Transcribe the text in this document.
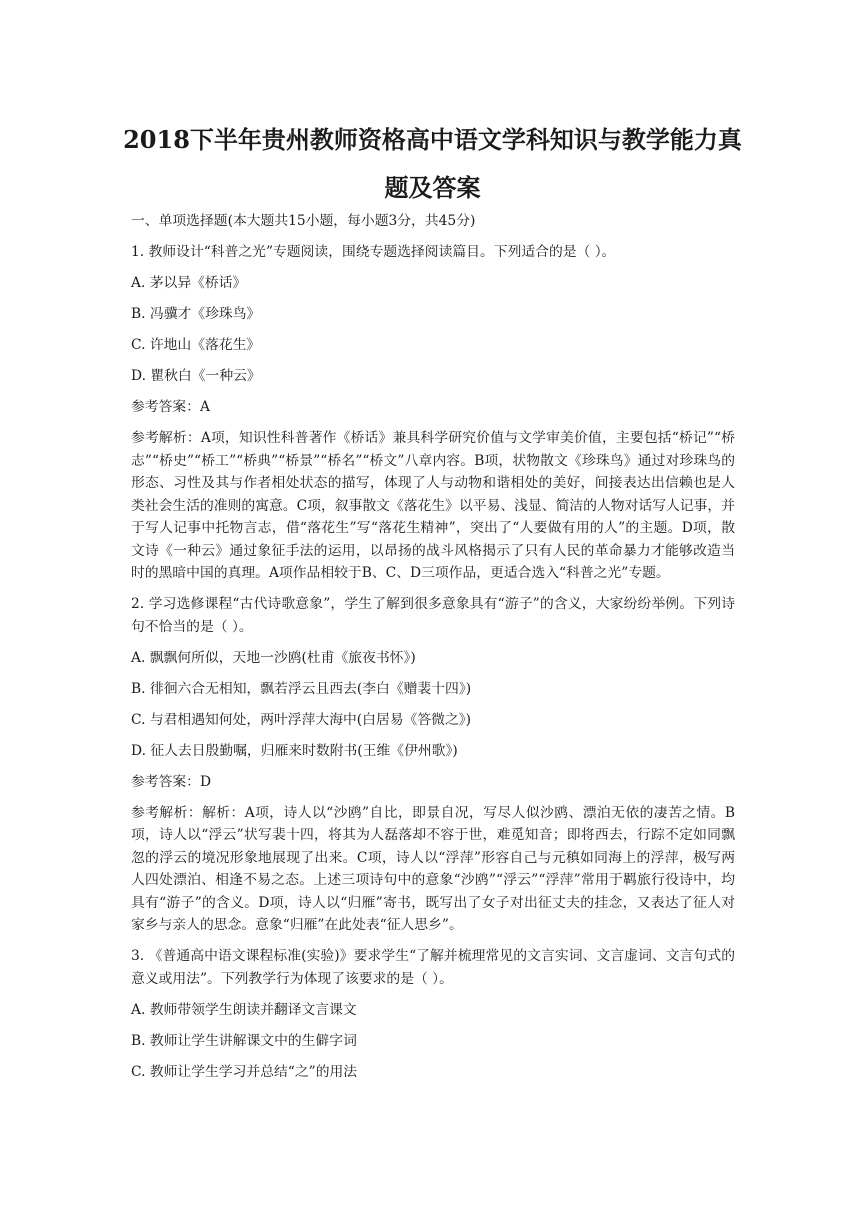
2018下半年贵州教师资格高中语文学科知识与教学能力真
题及答案
一、单项选择题(本大题共15小题，每小题3分，共45分)
1. 教师设计“科普之光”专题阅读，围绕专题选择阅读篇目。下列适合的是（ ）。
A. 茅以异《桥话》
B. 冯骥才《珍珠鸟》
C. 许地山《落花生》
D. 瞿秋白《一种云》
参考答案：A
参考解析：A项，知识性科普著作《桥话》兼具科学研究价值与文学审美价值，主要包括“桥记”“桥志”“桥史”“桥工”“桥典”“桥景”“桥名”“桥文”八章内容。B项，状物散文《珍珠鸟》通过对珍珠鸟的形态、习性及其与作者相处状态的描写，体现了人与动物和谐相处的美好，间接表达出信赖也是人类社会生活的准则的寓意。C项，叙事散文《落花生》以平易、浅显、简洁的人物对话写人记事，并于写人记事中托物言志，借“落花生”写“落花生精神”，突出了“人要做有用的人”的主题。D项，散文诗《一种云》通过象征手法的运用，以昂扬的战斗风格揭示了只有人民的革命暴力才能够改造当时的黑暗中国的真理。A项作品相较于B、C、D三项作品，更适合选入“科普之光”专题。
2. 学习选修课程“古代诗歌意象”，学生了解到很多意象具有“游子”的含义，大家纷纷举例。下列诗句不恰当的是（ ）。
A. 飘飘何所似，天地一沙鸥(杜甫《旅夜书怀》)
B. 徘徊六合无相知，飘若浮云且西去(李白《赠裴十四》)
C. 与君相遇知何处，两叶浮萍大海中(白居易《答微之》)
D. 征人去日殷勤嘱，归雁来时数附书(王维《伊州歌》)
参考答案：D
参考解析：解析：A项，诗人以“沙鸥”自比，即景自况，写尽人似沙鸥、漂泊无依的凄苦之情。B项，诗人以“浮云”状写裴十四，将其为人磊落却不容于世，难觅知音；即将西去，行踪不定如同飘忽的浮云的境况形象地展现了出来。C项，诗人以“浮萍”形容自己与元稹如同海上的浮萍，极写两人四处漂泊、相逢不易之态。上述三项诗句中的意象“沙鸥”“浮云”“浮萍”常用于羁旅行役诗中，均具有“游子”的含义。D项，诗人以“归雁”寄书，既写出了女子对出征丈夫的挂念，又表达了征人对家乡与亲人的思念。意象“归雁”在此处表“征人思乡”。
3. 《普通高中语文课程标准(实验)》要求学生“了解并梳理常见的文言实词、文言虚词、文言句式的意义或用法”。下列教学行为体现了该要求的是（ ）。
A. 教师带领学生朗读并翻译文言课文
B. 教师让学生讲解课文中的生僻字词
C. 教师让学生学习并总结“之”的用法
